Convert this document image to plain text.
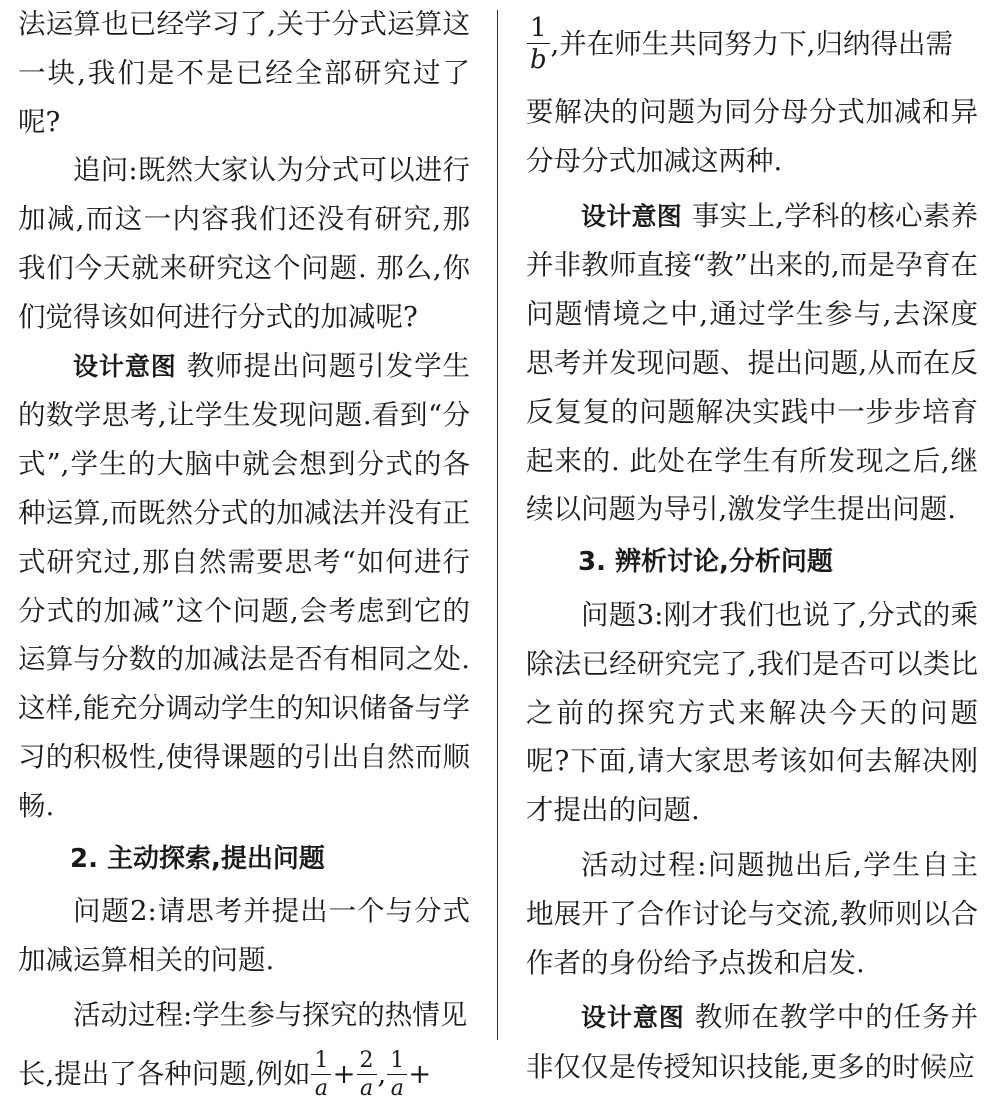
法运算也已经学习了,关于分式运算这一块,我们是不是已经全部研究过了呢?

追问:既然大家认为分式可以进行加减,而这一内容我们还没有研究,那我们今天就来研究这个问题. 那么,你们觉得该如何进行分式的加减呢?

设计意图 教师提出问题引发学生的数学思考,让学生发现问题.看到“分式”,学生的大脑中就会想到分式的各种运算,而既然分式的加减法并没有正式研究过,那自然需要思考“如何进行分式的加减”这个问题,会考虑到它的运算与分数的加减法是否有相同之处. 这样,能充分调动学生的知识储备与学习的积极性,使得课题的引出自然而顺畅.

2. 主动探索,提出问题

问题2:请思考并提出一个与分式加减运算相关的问题.

活动过程:学生参与探究的热情见

长,提出了各种问题,例如 $\frac{1}{a} + \frac{2}{a}$ , $\frac{1}{a}$ +

$\frac{1}{b}$ ,并在师生共同努力下,归纳得出需

要解决的问题为同分母分式加减和异分母分式加减这两种.

设计意图 事实上,学科的核心素养并非教师直接“教”出来的,而是孕育在问题情境之中,通过学生参与,去深度思考并发现问题、提出问题,从而在反反复复的问题解决实践中一步步培育起来的. 此处在学生有所发现之后,继续以问题为导引,激发学生提出问题.

3. 辨析讨论,分析问题

问题3:刚才我们也说了,分式的乘除法已经研究完了,我们是否可以类比之前的探究方式来解决今天的问题呢?下面,请大家思考该如何去解决刚才提出的问题.

活动过程:问题抛出后,学生自主地展开了合作讨论与交流,教师则以合作者的身份给予点拨和启发.

设计意图 教师在教学中的任务并非仅仅是传授知识技能,更多的时候应
